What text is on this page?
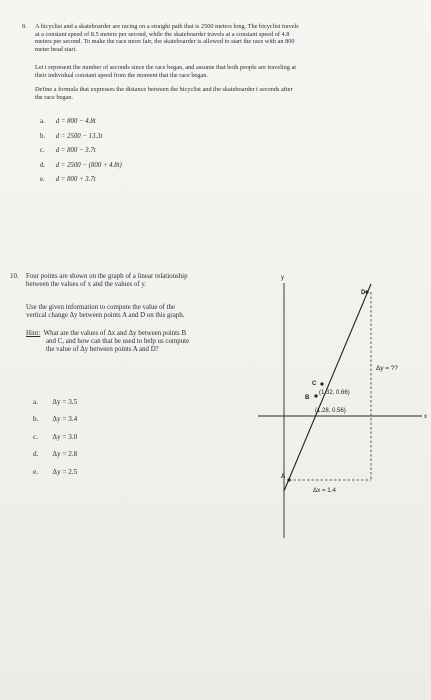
9. A bicyclist and a skateboarder are racing on a straight path that is 2500 meters long. The bicyclist travels
at a constant speed of 8.5 meters per second, while the skateboarder travels at a constant speed of 4.8
meters per second. To make the race more fair, the skateboarder is allowed to start the race with an 800
meter head start.
Let t represent the number of seconds since the race began, and assume that both people are traveling at
their individual constant speed from the moment that the race began.
Define a formula that expresses the distance between the bicyclist and the skateboarder t seconds after
the race began.
a. d = 800 − 4.8t
b. d = 2500 − 13.3t
c. d = 800 − 3.7t
d. d = 2500 − (800 + 4.8t)
e. d = 800 + 3.7t
10. Four points are shown on the graph of a linear relationship
between the values of x and the values of y.
Use the given information to compute the value of the
vertical change Δy between points A and D on this graph.
Hint: What are the values of Δx and Δy between points B
and C, and how can that be used to help us compute
the value of Δy between points A and D?
a. Δy = 3.5
b. Δy = 3.4
c. Δy = 3.0
d. Δy = 2.8
e. Δy = 2.5
y
x
A
B
C
D
(1.32, 0.66)
(1.28, 0.56)
Δx = 1.4
Δy = ??
